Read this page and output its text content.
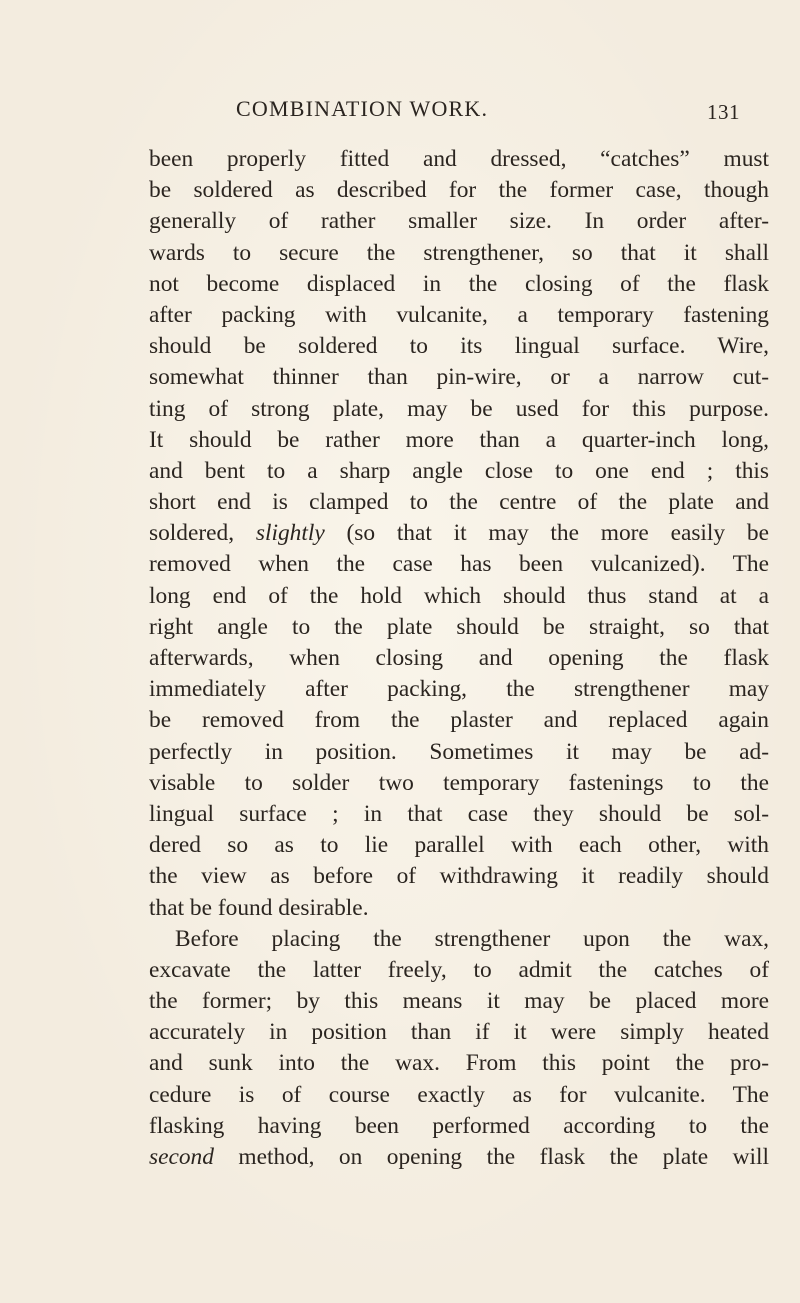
COMBINATION WORK.	131
been properly fitted and dressed, “catches” must
be soldered as described for the former case, though
generally of rather smaller size. In order after-
wards to secure the strengthener, so that it shall
not become displaced in the closing of the flask
after packing with vulcanite, a temporary fastening
should be soldered to its lingual surface. Wire,
somewhat thinner than pin-wire, or a narrow cut-
ting of strong plate, may be used for this purpose.
It should be rather more than a quarter-inch long,
and bent to a sharp angle close to one end ; this
short end is clamped to the centre of the plate and
soldered, slightly (so that it may the more easily be
removed when the case has been vulcanized). The
long end of the hold which should thus stand at a
right angle to the plate should be straight, so that
afterwards, when closing and opening the flask
immediately after packing, the strengthener may
be removed from the plaster and replaced again
perfectly in position. Sometimes it may be ad-
visable to solder two temporary fastenings to the
lingual surface ; in that case they should be sol-
dered so as to lie parallel with each other, with
the view as before of withdrawing it readily should
that be found desirable.
Before placing the strengthener upon the wax,
excavate the latter freely, to admit the catches of
the former; by this means it may be placed more
accurately in position than if it were simply heated
and sunk into the wax. From this point the pro-
cedure is of course exactly as for vulcanite. The
flasking having been performed according to the
second method, on opening the flask the plate will
